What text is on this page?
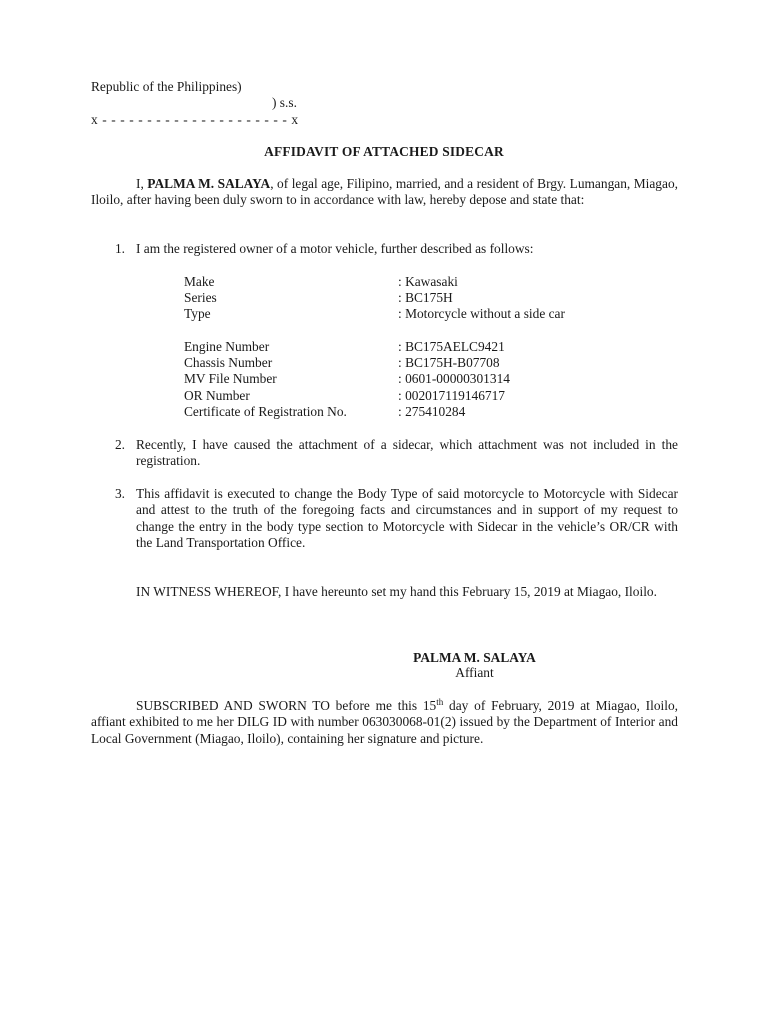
Republic of the Philippines)
) s.s.
x - - - - - - - - - - - - - - - - - - - - - x
AFFIDAVIT OF ATTACHED SIDECAR
I, PALMA M. SALAYA, of legal age, Filipino, married, and a resident of Brgy. Lumangan, Miagao, Iloilo, after having been duly sworn to in accordance with law, hereby depose and state that:
1. I am the registered owner of a motor vehicle, further described as follows:
Make	: Kawasaki
Series	: BC175H
Type	: Motorcycle without a side car
Engine Number	: BC175AELC9421
Chassis Number	: BC175H-B07708
MV File Number	: 0601-00000301314
OR Number	: 002017119146717
Certificate of Registration No.	: 275410284
2. Recently, I have caused the attachment of a sidecar, which attachment was not included in the registration.
3. This affidavit is executed to change the Body Type of said motorcycle to Motorcycle with Sidecar and attest to the truth of the foregoing facts and circumstances and in support of my request to change the entry in the body type section to Motorcycle with Sidecar in the vehicle’s OR/CR with the Land Transportation Office.
IN WITNESS WHEREOF, I have hereunto set my hand this February 15, 2019 at Miagao, Iloilo.
PALMA M. SALAYA
Affiant
SUBSCRIBED AND SWORN TO before me this 15th day of February, 2019 at Miagao, Iloilo, affiant exhibited to me her DILG ID with number 063030068-01(2) issued by the Department of Interior and Local Government (Miagao, Iloilo), containing her signature and picture.
